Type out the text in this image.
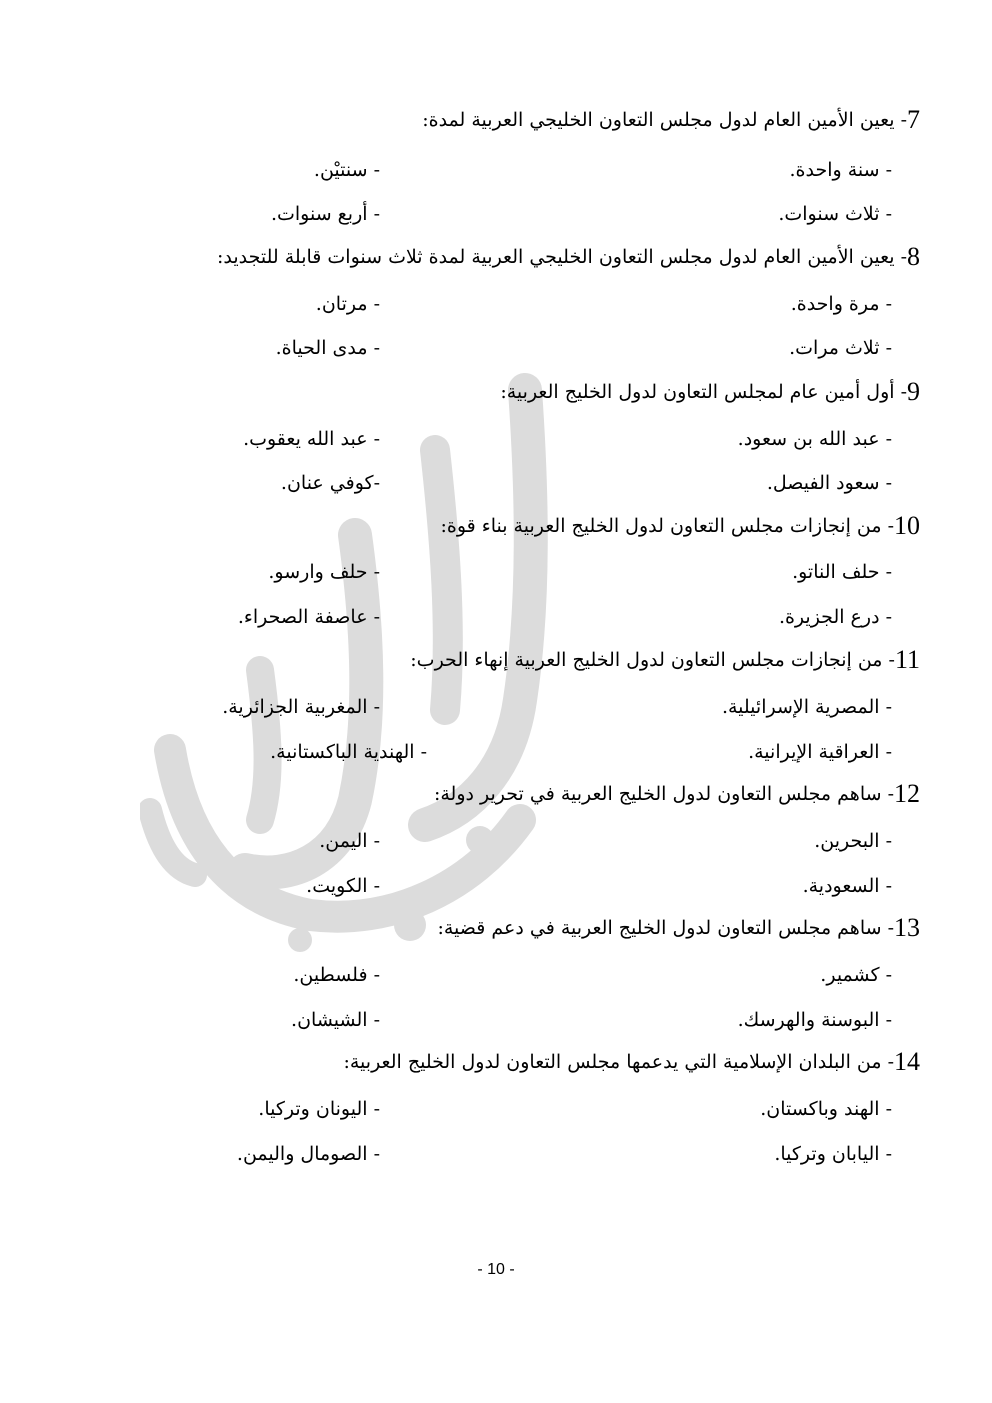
7- يعين الأمين العام لدول مجلس التعاون الخليجي العربية لمدة:
- سنة واحدة.
- سنتيْن.
- ثلاث سنوات.
- أربع سنوات.
8- يعين الأمين العام لدول مجلس التعاون الخليجي العربية لمدة ثلاث سنوات قابلة للتجديد:
- مرة واحدة.
- مرتان.
- ثلاث مرات.
- مدى الحياة.
9- أول أمين عام لمجلس التعاون لدول الخليج العربية:
- عبد الله بن سعود.
- عبد الله يعقوب.
- سعود الفيصل.
-كوفي عنان.
10- من إنجازات مجلس التعاون لدول الخليج العربية بناء قوة:
- حلف الناتو.
- حلف وارسو.
- درع الجزيرة.
- عاصفة الصحراء.
11- من إنجازات مجلس التعاون لدول الخليج العربية إنهاء الحرب:
- المصرية الإسرائيلية.
- المغربية الجزائرية.
- العراقية الإيرانية.
- الهندية الباكستانية.
12- ساهم مجلس التعاون لدول الخليج العربية في تحرير دولة:
- البحرين.
- اليمن.
- السعودية.
- الكويت.
13- ساهم مجلس التعاون لدول الخليج العربية في دعم قضية:
- كشمير.
- فلسطين.
- البوسنة والهرسك.
- الشيشان.
14- من البلدان الإسلامية التي يدعمها مجلس التعاون لدول الخليج العربية:
- الهند وباكستان.
- اليونان وتركيا.
- اليابان وتركيا.
- الصومال واليمن.
- 10 -
